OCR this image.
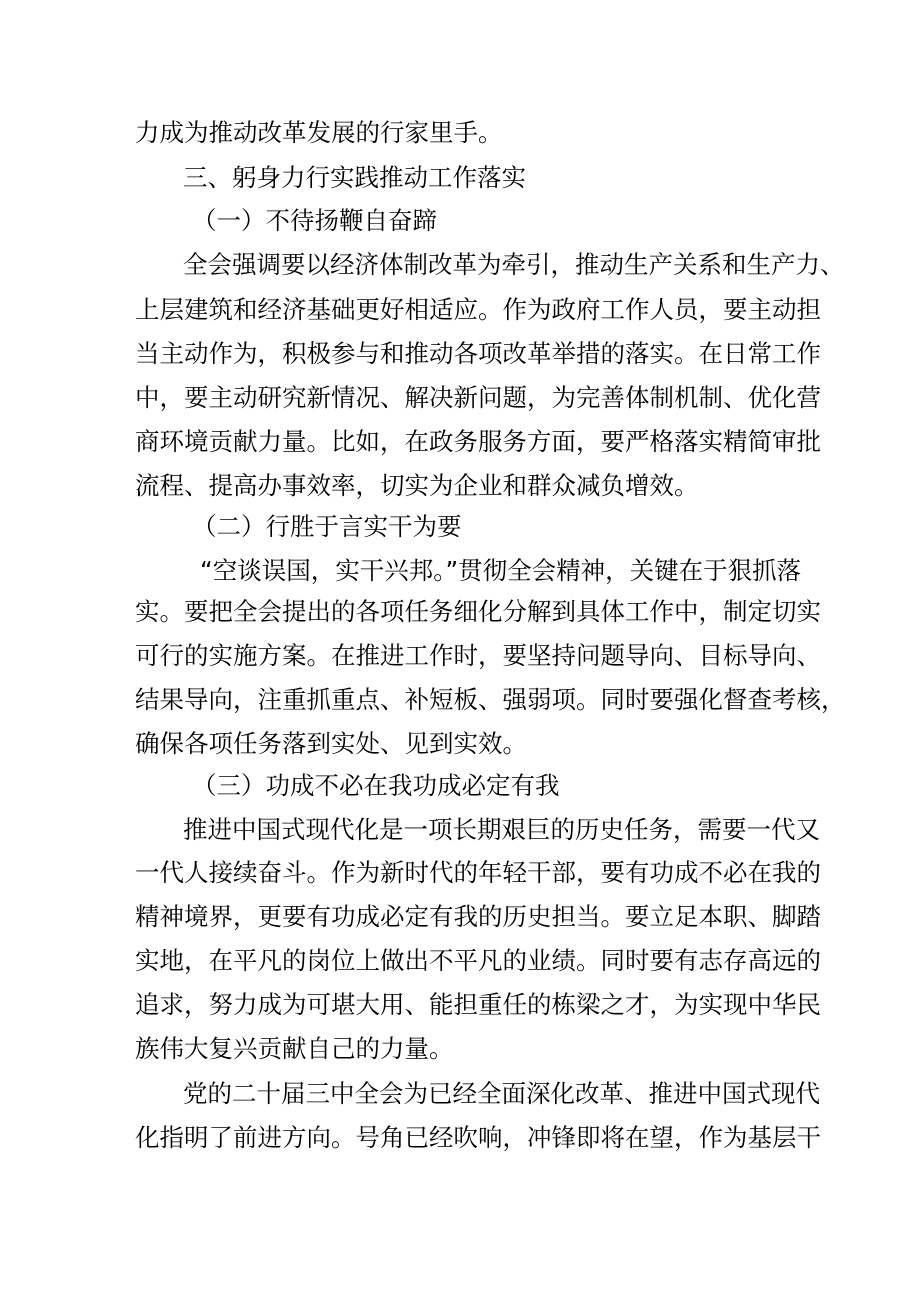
力成为推动改革发展的行家里手。

三、躬身力行实践推动工作落实

（一）不待扬鞭自奋蹄

全会强调要以经济体制改革为牵引，推动生产关系和生产力、

上层建筑和经济基础更好相适应。作为政府工作人员，要主动担

当主动作为，积极参与和推动各项改革举措的落实。在日常工作

中，要主动研究新情况、解决新问题，为完善体制机制、优化营

商环境贡献力量。比如，在政务服务方面，要严格落实精简审批

流程、提高办事效率，切实为企业和群众减负增效。

（二）行胜于言实干为要

“空谈误国，实干兴邦。”贯彻全会精神，关键在于狠抓落

实。要把全会提出的各项任务细化分解到具体工作中，制定切实

可行的实施方案。在推进工作时，要坚持问题导向、目标导向、

结果导向，注重抓重点、补短板、强弱项。同时要强化督查考核，

确保各项任务落到实处、见到实效。

（三）功成不必在我功成必定有我

推进中国式现代化是一项长期艰巨的历史任务，需要一代又

一代人接续奋斗。作为新时代的年轻干部，要有功成不必在我的

精神境界，更要有功成必定有我的历史担当。要立足本职、脚踏

实地，在平凡的岗位上做出不平凡的业绩。同时要有志存高远的

追求，努力成为可堪大用、能担重任的栋梁之才，为实现中华民

族伟大复兴贡献自己的力量。

党的二十届三中全会为已经全面深化改革、推进中国式现代

化指明了前进方向。号角已经吹响，冲锋即将在望，作为基层干
